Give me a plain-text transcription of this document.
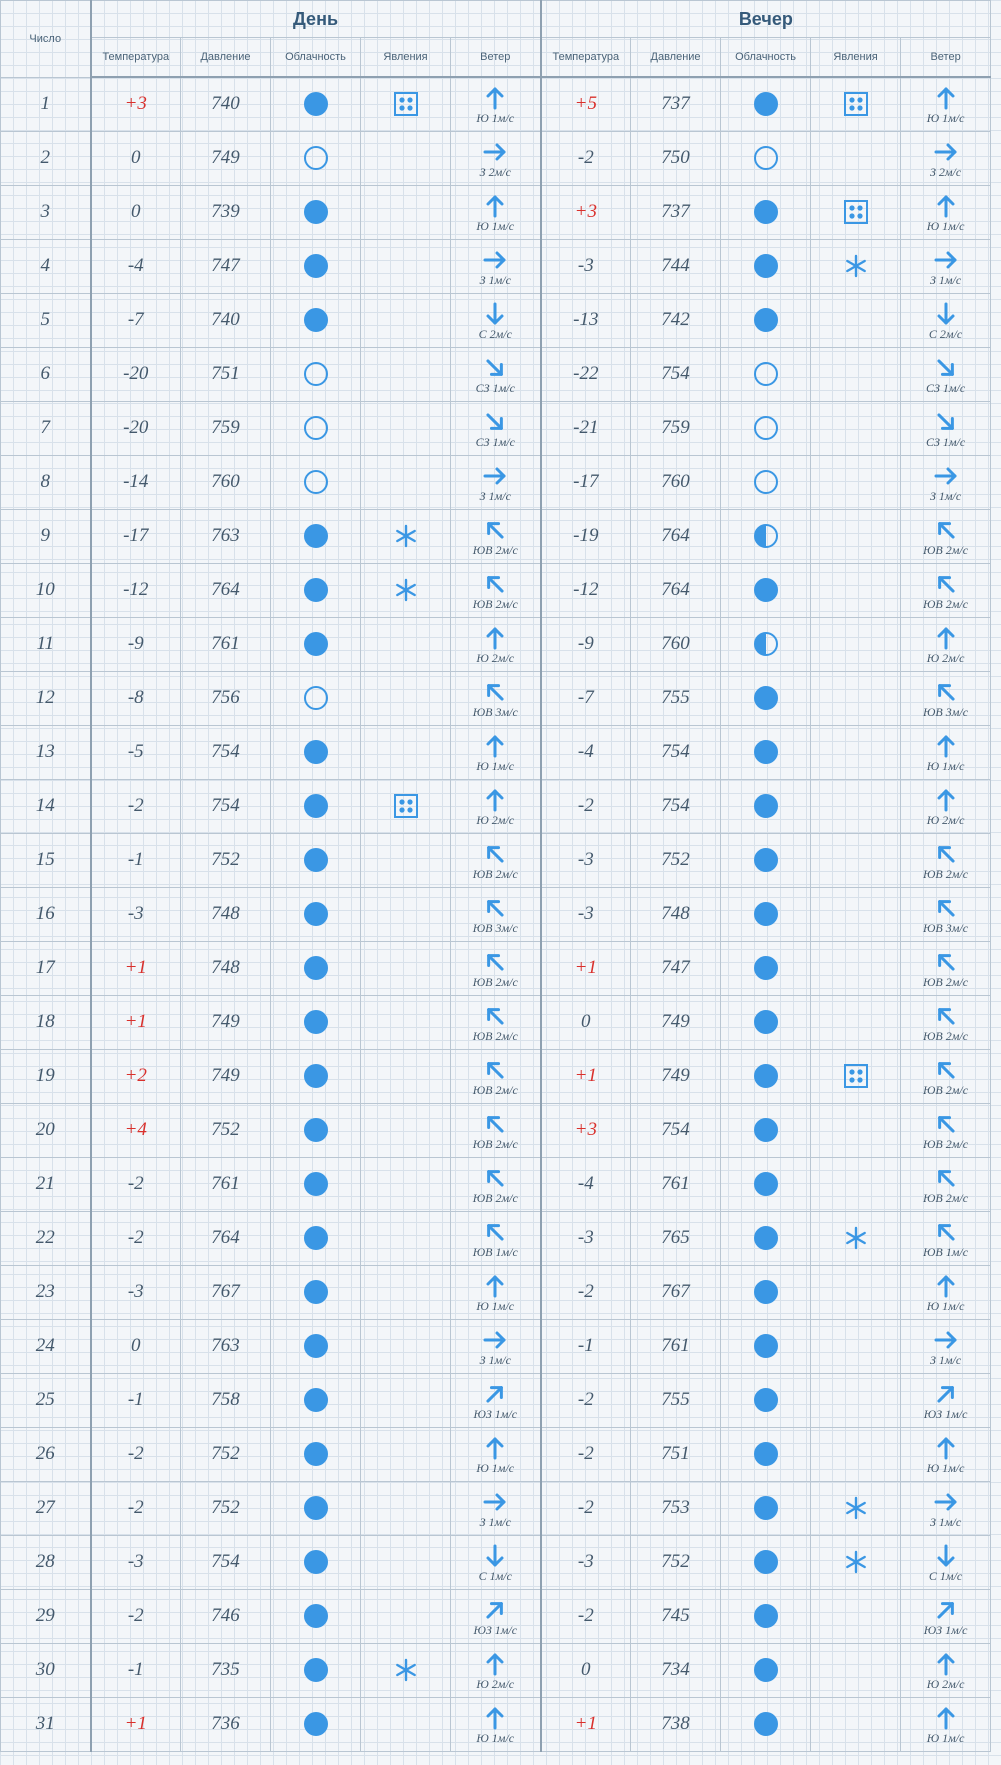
Число	День					Вечер				
	Температура	Давление	Облачность	Явления	Ветер	Температура	Давление	Облачность	Явления	Ветер
1	+3	740			Ю 1м/с	+5	737			Ю 1м/с

2	0	749			З 2м/с	-2	750			З 2м/с

3	0	739			Ю 1м/с	+3	737			Ю 1м/с

4	-4	747			З 1м/с	-3	744			З 1м/с

5	-7	740			С 2м/с	-13	742			С 2м/с

6	-20	751			СЗ 1м/с	-22	754			СЗ 1м/с

7	-20	759			СЗ 1м/с	-21	759			СЗ 1м/с

8	-14	760			З 1м/с	-17	760			З 1м/с

9	-17	763			ЮВ 2м/с	-19	764			ЮВ 2м/с

10	-12	764			ЮВ 2м/с	-12	764			ЮВ 2м/с

11	-9	761			Ю 2м/с	-9	760			Ю 2м/с

12	-8	756			ЮВ 3м/с	-7	755			ЮВ 3м/с

13	-5	754			Ю 1м/с	-4	754			Ю 1м/с

14	-2	754			Ю 2м/с	-2	754			Ю 2м/с

15	-1	752			ЮВ 2м/с	-3	752			ЮВ 2м/с

16	-3	748			ЮВ 3м/с	-3	748			ЮВ 3м/с

17	+1	748			ЮВ 2м/с	+1	747			ЮВ 2м/с

18	+1	749			ЮВ 2м/с	0	749			ЮВ 2м/с

19	+2	749			ЮВ 2м/с	+1	749			ЮВ 2м/с

20	+4	752			ЮВ 2м/с	+3	754			ЮВ 2м/с

21	-2	761			ЮВ 2м/с	-4	761			ЮВ 2м/с

22	-2	764			ЮВ 1м/с	-3	765			ЮВ 1м/с

23	-3	767			Ю 1м/с	-2	767			Ю 1м/с

24	0	763			З 1м/с	-1	761			З 1м/с

25	-1	758			ЮЗ 1м/с	-2	755			ЮЗ 1м/с

26	-2	752			Ю 1м/с	-2	751			Ю 1м/с

27	-2	752			З 1м/с	-2	753			З 1м/с

28	-3	754			С 1м/с	-3	752			С 1м/с

29	-2	746			ЮЗ 1м/с	-2	745			ЮЗ 1м/с

30	-1	735			Ю 2м/с	0	734			Ю 2м/с

31	+1	736			Ю 1м/с	+1	738			Ю 1м/с
